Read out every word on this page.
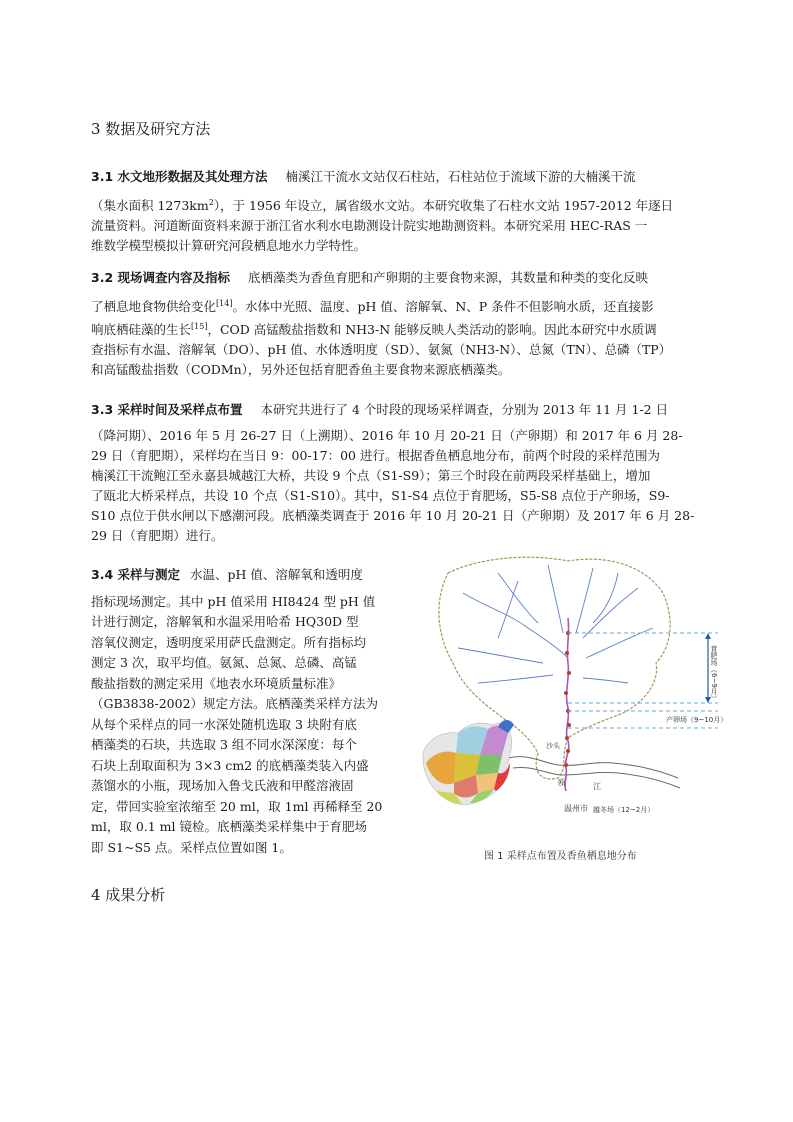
3 数据及研究方法
3.1 水文地形数据及其处理方法 楠溪江干流水文站仅石柱站，石柱站位于流域下游的大楠溪干流
（集水面积 $1273km^2$），于 1956 年设立，属省级水文站。本研究收集了石柱水文站 1957-2012 年逐日
流量资料。河道断面资料来源于浙江省水利水电勘测设计院实地勘测资料。本研究采用 HEC-RAS 一
维数学模型模拟计算研究河段栖息地水力学特性。
3.2 现场调查内容及指标 底栖藻类为香鱼育肥和产卵期的主要食物来源，其数量和种类的变化反映
了栖息地食物供给变化[14]。水体中光照、温度、pH 值、溶解氧、N、P 条件不但影响水质，还直接影
响底栖硅藻的生长[15]，COD 高锰酸盐指数和 NH3-N 能够反映人类活动的影响。因此本研究中水质调
查指标有水温、溶解氧（DO）、pH 值、水体透明度（SD）、氨氮（NH3-N）、总氮（TN）、总磷（TP）
和高锰酸盐指数（CODMn），另外还包括育肥香鱼主要食物来源底栖藻类。
3.3 采样时间及采样点布置 本研究共进行了 4 个时段的现场采样调查，分别为 2013 年 11 月 1-2 日
（降河期）、2016 年 5 月 26-27 日（上溯期）、2016 年 10 月 20-21 日（产卵期）和 2017 年 6 月 28-
29 日（育肥期），采样均在当日 9：00-17：00 进行。根据香鱼栖息地分布，前两个时段的采样范围为
楠溪江干流鲍江至永嘉县城越江大桥，共设 9 个点（S1-S9）；第三个时段在前两段采样基础上，增加
了瓯北大桥采样点，共设 10 个点（S1-S10）。其中，S1-S4 点位于育肥场，S5-S8 点位于产卵场，S9-
S10 点位于供水闸以下感潮河段。底栖藻类调查于 2016 年 10 月 20-21 日（产卵期）及 2017 年 6 月 28-
29 日（育肥期）进行。
3.4 采样与测定 水温、pH 值、溶解氧和透明度
指标现场测定。其中 pH 值采用 HI8424 型 pH 值
计进行测定，溶解氧和水温采用哈希 HQ30D 型
溶氧仪测定，透明度采用萨氏盘测定。所有指标均
测定 3 次，取平均值。氨氮、总氮、总磷、高锰
酸盐指数的测定采用《地表水环境质量标准》
（GB3838-2002）规定方法。底栖藻类采样方法为
从每个采样点的同一水深处随机选取 3 块附有底
栖藻类的石块，共选取 3 组不同水深深度：每个
石块上刮取面积为 3×3 cm2 的底栖藻类装入内盛
蒸馏水的小瓶，现场加入鲁戈氏液和甲醛溶液固
定，带回实验室浓缩至 20 ml，取 1ml 再稀释至 20
ml，取 0.1 ml 镜检。底栖藻类采样集中于育肥场
即 S1~S5 点。采样点位置如图 1。
育肥场（6~9月）
产卵场（9~10月）
沙头
越冬场（12~2月）
温州市
瓯	江
图 1 采样点布置及香鱼栖息地分布
4 成果分析
